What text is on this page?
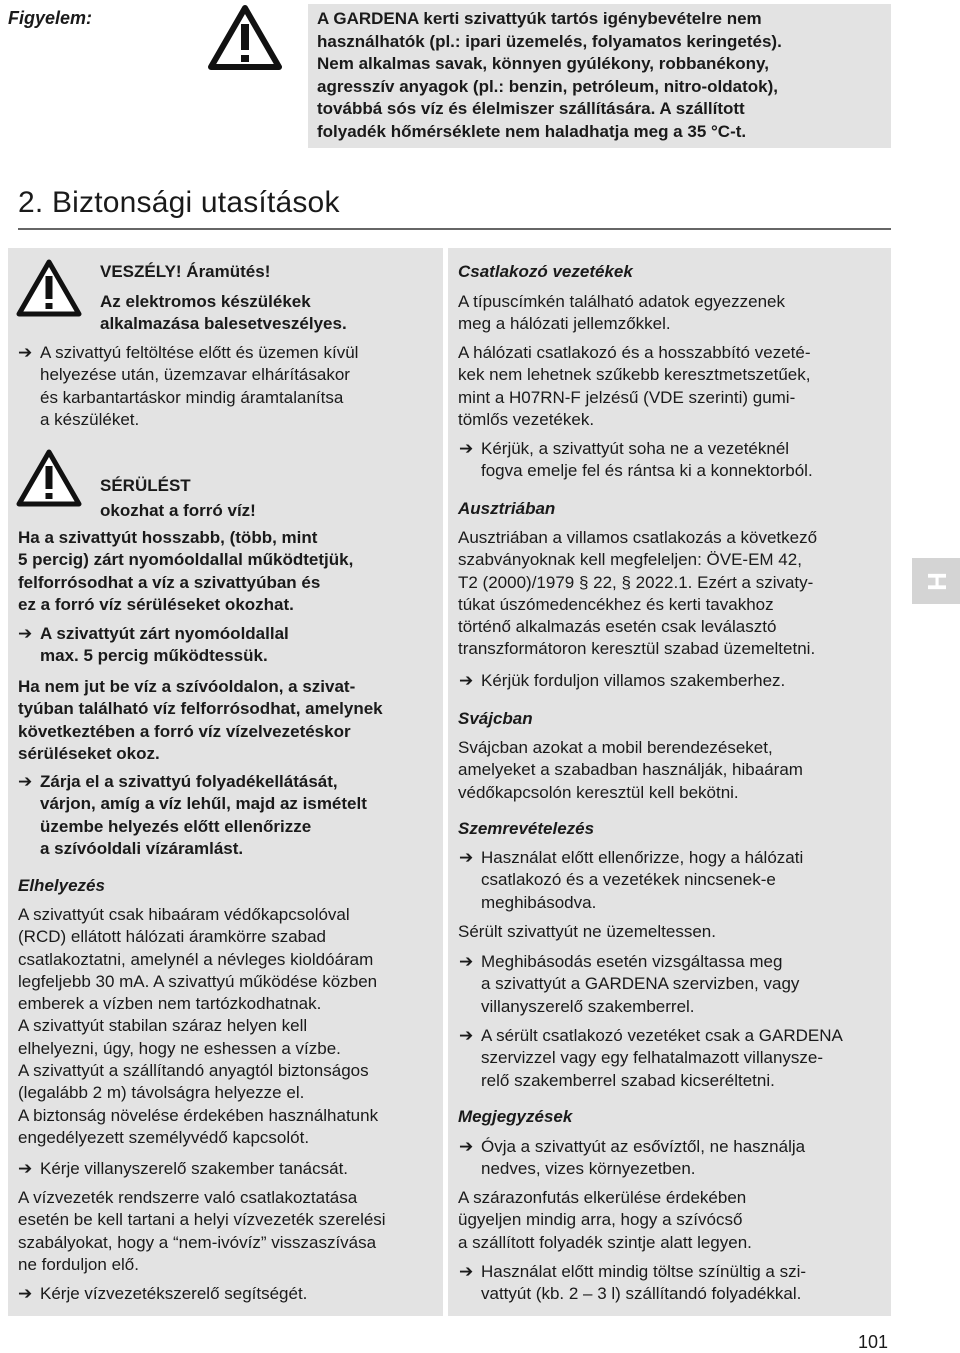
Figyelem:	A GARDENA kerti szivattyúk tartós igénybevételre nem
használhatók (pl.: ipari üzemelés, folyamatos keringetés).
Nem alkalmas savak, könnyen gyúlékony, robbanékony,
agresszív anyagok (pl.: benzin, petróleum, nitro-oldatok),
továbbá sós víz és élelmiszer szállítására. A szállított
folyadék hőmérséklete nem haladhatja meg a 35 °C-t.
2. Biztonsági utasítások
VESZÉLY! Áramütés!
Az elektromos készülékek
alkalmazása balesetveszélyes.
➔ A szivattyú feltöltése előtt és üzemen kívül
helyezése után, üzemzavar elhárításakor
és karbantartáskor mindig áramtalanítsa
a készüléket.
SÉRÜLÉST
okozhat a forró víz!
Ha a szivattyút hosszabb, (több, mint
5 percig) zárt nyomóoldallal működtetjük,
felforrósodhat a víz a szivattyúban és
ez a forró víz sérüléseket okozhat.
➔ A szivattyút zárt nyomóoldallal
max. 5 percig működtessük.
Ha nem jut be víz a szívóoldalon, a szivat-
tyúban található víz felforrósodhat, amelynek
következtében a forró víz vízelvezetéskor
sérüléseket okoz.
➔ Zárja el a szivattyú folyadékellátását,
várjon, amíg a víz lehűl, majd az ismételt
üzembe helyezés előtt ellenőrizze
a szívóoldali vízáramlást.
Elhelyezés
A szivattyút csak hibaáram védőkapcsolóval
(RCD) ellátott hálózati áramkörre szabad
csatlakoztatni, amelynél a névleges kioldóáram
legfeljebb 30 mA. A szivattyú működése közben
emberek a vízben nem tartózkodhatnak.
A szivattyút stabilan száraz helyen kell
elhelyezni, úgy, hogy ne eshessen a vízbe.
A szivattyút a szállítandó anyagtól biztonságos
(legalább 2 m) távolságra helyezze el.
A biztonság növelése érdekében használhatunk
engedélyezett személyvédő kapcsolót.
➔ Kérje villanyszerelő szakember tanácsát.
A vízvezeték rendszerre való csatlakoztatása
esetén be kell tartani a helyi vízvezeték szerelési
szabályokat, hogy a “nem-ivóvíz” visszaszívása
ne forduljon elő.
➔ Kérje vízvezetékszerelő segítségét.
Csatlakozó vezetékek
A típuscímkén található adatok egyezzenek
meg a hálózati jellemzőkkel.
A hálózati csatlakozó és a hosszabbító vezeté-
kek nem lehetnek szűkebb keresztmetszetűek,
mint a H07RN-F jelzésű (VDE szerinti) gumi-
tömlős vezetékek.
➔ Kérjük, a szivattyút soha ne a vezetéknél
fogva emelje fel és rántsa ki a konnektorból.
Ausztriában
Ausztriában a villamos csatlakozás a következő
szabványoknak kell megfeleljen: ÖVE-EM 42,
T2 (2000)/1979 § 22, § 2022.1. Ezért a szivaty-
túkat úszómedencékhez és kerti tavakhoz
történő alkalmazás esetén csak leválasztó
transzformátoron keresztül szabad üzemeltetni.
➔ Kérjük forduljon villamos szakemberhez.
Svájcban
Svájcban azokat a mobil berendezéseket,
amelyeket a szabadban használják, hibaáram
védőkapcsolón keresztül kell bekötni.
Szemrevételezés
➔ Használat előtt ellenőrizze, hogy a hálózati
csatlakozó és a vezetékek nincsenek-e
meghibásodva.
Sérült szivattyút ne üzemeltessen.
➔ Meghibásodás esetén vizsgáltassa meg
a szivattyút a GARDENA szervizben, vagy
villanyszerelő szakemberrel.
➔ A sérült csatlakozó vezetéket csak a GARDENA
szervizzel vagy egy felhatalmazott villanysze-
relő szakemberrel szabad kicseréltetni.
Megjegyzések
➔ Óvja a szivattyút az esővíztől, ne használja
nedves, vizes környezetben.
A szárazonfutás elkerülése érdekében
ügyeljen mindig arra, hogy a szívócső
a szállított folyadék szintje alatt legyen.
➔ Használat előtt mindig töltse színültig a szi-
vattyút (kb. 2 – 3 l) szállítandó folyadékkal.
H
101
